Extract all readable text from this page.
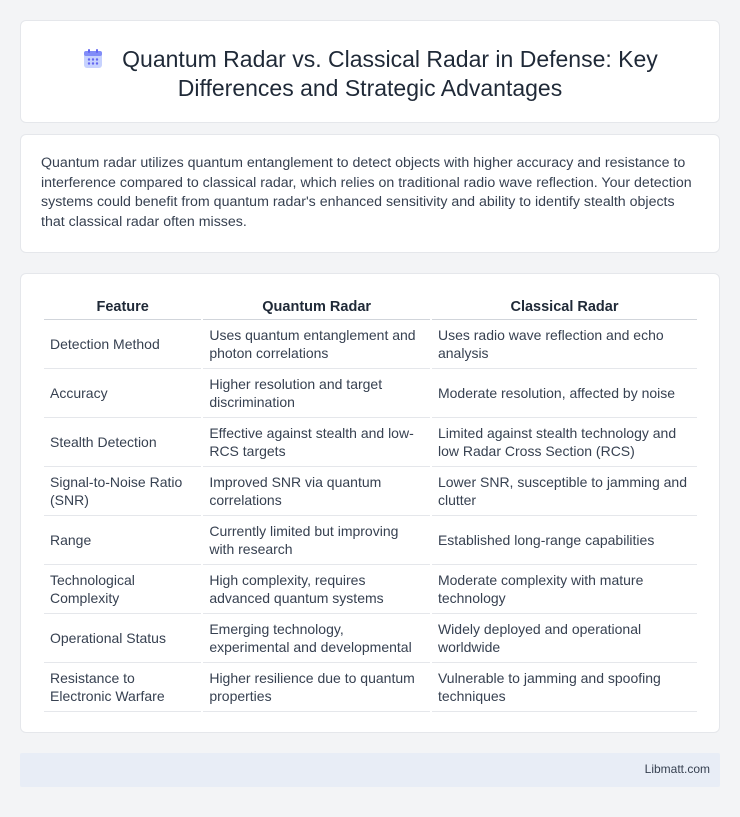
Quantum Radar vs. Classical Radar in Defense: Key Differences and Strategic Advantages

Quantum radar utilizes quantum entanglement to detect objects with higher accuracy and resistance to interference compared to classical radar, which relies on traditional radio wave reflection. Your detection systems could benefit from quantum radar's enhanced sensitivity and ability to identify stealth objects that classical radar often misses.

Feature	Quantum Radar	Classical Radar
Detection Method	Uses quantum entanglement and photon correlations	Uses radio wave reflection and echo analysis
Accuracy	Higher resolution and target discrimination	Moderate resolution, affected by noise
Stealth Detection	Effective against stealth and low-RCS targets	Limited against stealth technology and low Radar Cross Section (RCS)
Signal-to-Noise Ratio (SNR)	Improved SNR via quantum correlations	Lower SNR, susceptible to jamming and clutter
Range	Currently limited but improving with research	Established long-range capabilities
Technological Complexity	High complexity, requires advanced quantum systems	Moderate complexity with mature technology
Operational Status	Emerging technology, experimental and developmental	Widely deployed and operational worldwide
Resistance to Electronic Warfare	Higher resilience due to quantum properties	Vulnerable to jamming and spoofing techniques
Libmatt.com
